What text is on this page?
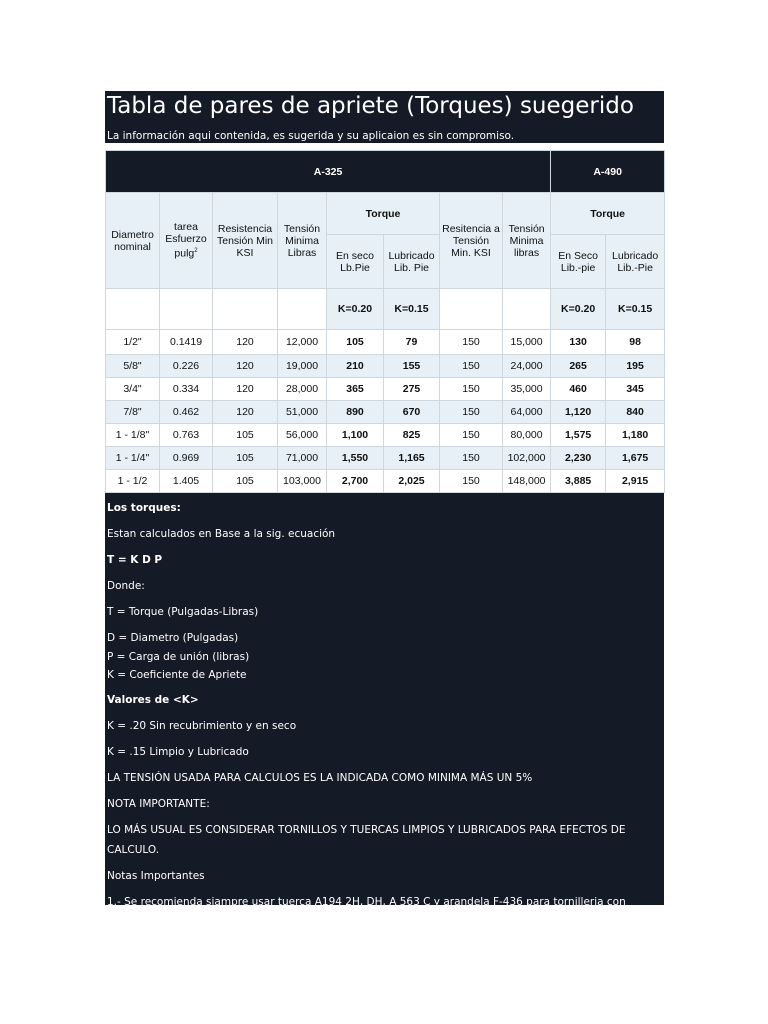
Tabla de pares de apriete (Torques) suegerido
La información aqui contenida, es sugerida y su aplicaion es sin compromiso.
A-325								A-490	
Diametro nominal	tarea Esfuerzo pulg$^2$	Resistencia Tensión Min KSI	Tensión Minima Libras	Torque		Resitencia a Tensión Min. KSI	Tensión Minima libras	Torque	
				En seco Lb.Pie	Lubricado Lib. Pie			En Seco Lib.-pie	Lubricado Lib.-Pie
				K=0.20	K=0.15			K=0.20	K=0.15
1/2"	0.1419	120	12,000	105	79	150	15,000	130	98
5/8"	0.226	120	19,000	210	155	150	24,000	265	195
3/4"	0.334	120	28,000	365	275	150	35,000	460	345
7/8"	0.462	120	51,000	890	670	150	64,000	1,120	840
1 - 1/8"	0.763	105	56,000	1,100	825	150	80,000	1,575	1,180
1 - 1/4"	0.969	105	71,000	1,550	1,165	150	102,000	2,230	1,675
1 - 1/2	1.405	105	103,000	2,700	2,025	150	148,000	3,885	2,915

Los torques:

Estan calculados en Base a la sig. ecuación

T = K D P

Donde:

T = Torque (Pulgadas-Libras)

D = Diametro (Pulgadas)

P = Carga de unión (libras)

K = Coeficiente de Apriete

Valores de <K>

K = .20 Sin recubrimiento y en seco

K = .15 Limpio y Lubricado

LA TENSIÓN USADA PARA CALCULOS ES LA INDICADA COMO MINIMA MÁS UN 5%

NOTA IMPORTANTE:

LO MÁS USUAL ES CONSIDERAR TORNILLOS Y TUERCAS LIMPIOS Y LUBRICADOS PARA EFECTOS DE CALCULO.

Notas Importantes

1.- Se recomienda siampre usar tuerca A194 2H, DH, A 563 C y arandela F-436 para tornilleria con acabado (recubrimiento) o sin acabado, en tipos 1 y 2.
